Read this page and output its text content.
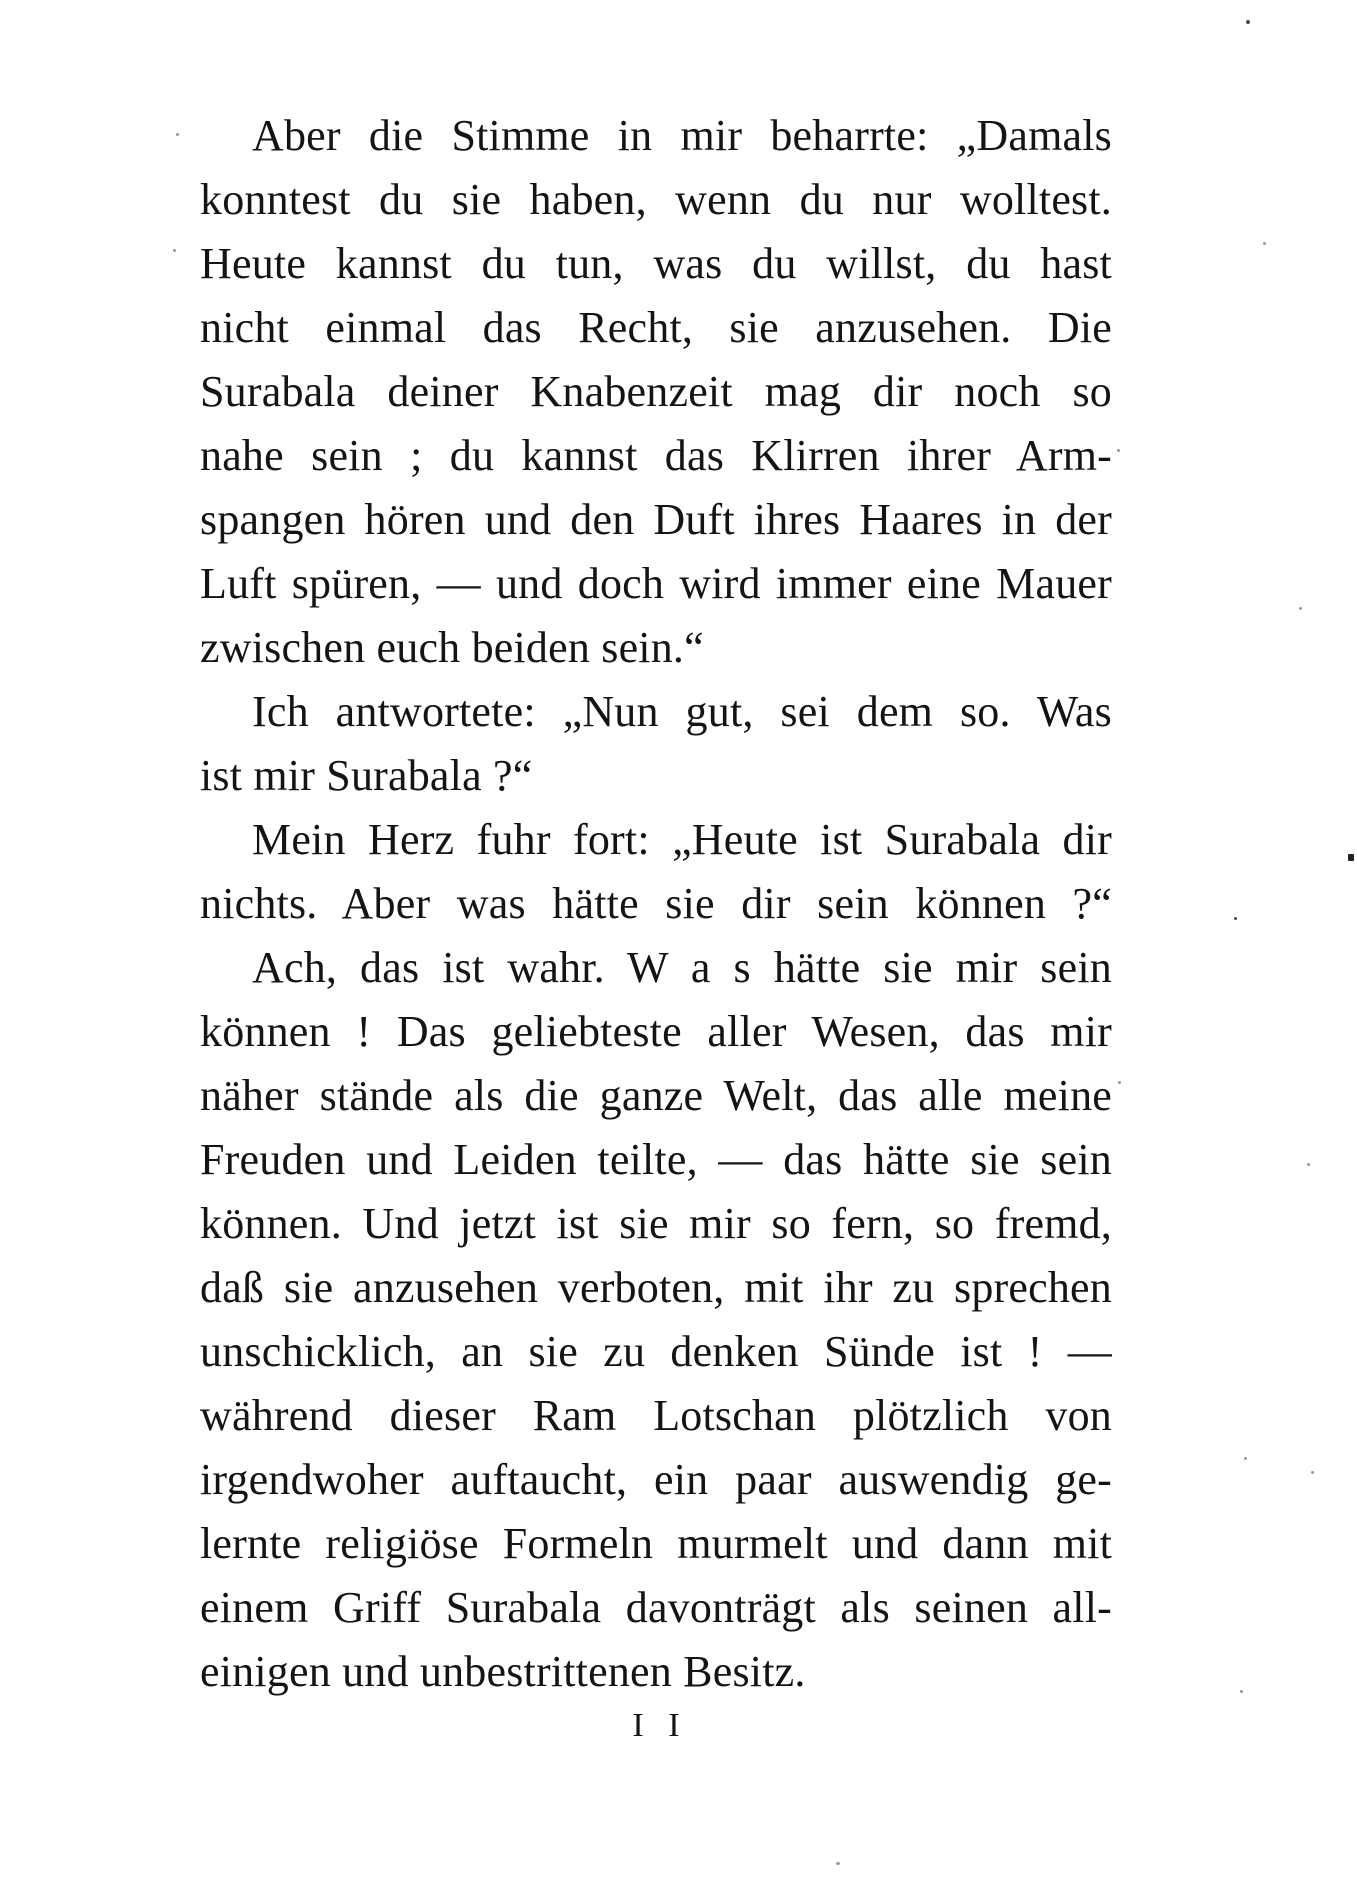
Aber die Stimme in mir beharrte: „Damals
konntest du sie haben, wenn du nur wolltest.
Heute kannst du tun, was du willst, du hast
nicht einmal das Recht, sie anzusehen. Die
Surabala deiner Knabenzeit mag dir noch so
nahe sein ; du kannst das Klirren ihrer Arm-
spangen hören und den Duft ihres Haares in der
Luft spüren, — und doch wird immer eine Mauer
zwischen euch beiden sein.“
Ich antwortete: „Nun gut, sei dem so. Was
ist mir Surabala ?“
Mein Herz fuhr fort: „Heute ist Surabala dir
nichts. Aber was hätte sie dir sein können ?“
Ach, das ist wahr. W a s hätte sie mir sein
können ! Das geliebteste aller Wesen, das mir
näher stände als die ganze Welt, das alle meine
Freuden und Leiden teilte, — das hätte sie sein
können. Und jetzt ist sie mir so fern, so fremd,
daß sie anzusehen verboten, mit ihr zu sprechen
unschicklich, an sie zu denken Sünde ist ! —
während dieser Ram Lotschan plötzlich von
irgendwoher auftaucht, ein paar auswendig ge-
lernte religiöse Formeln murmelt und dann mit
einem Griff Surabala davonträgt als seinen all-
einigen und unbestrittenen Besitz.
I I
